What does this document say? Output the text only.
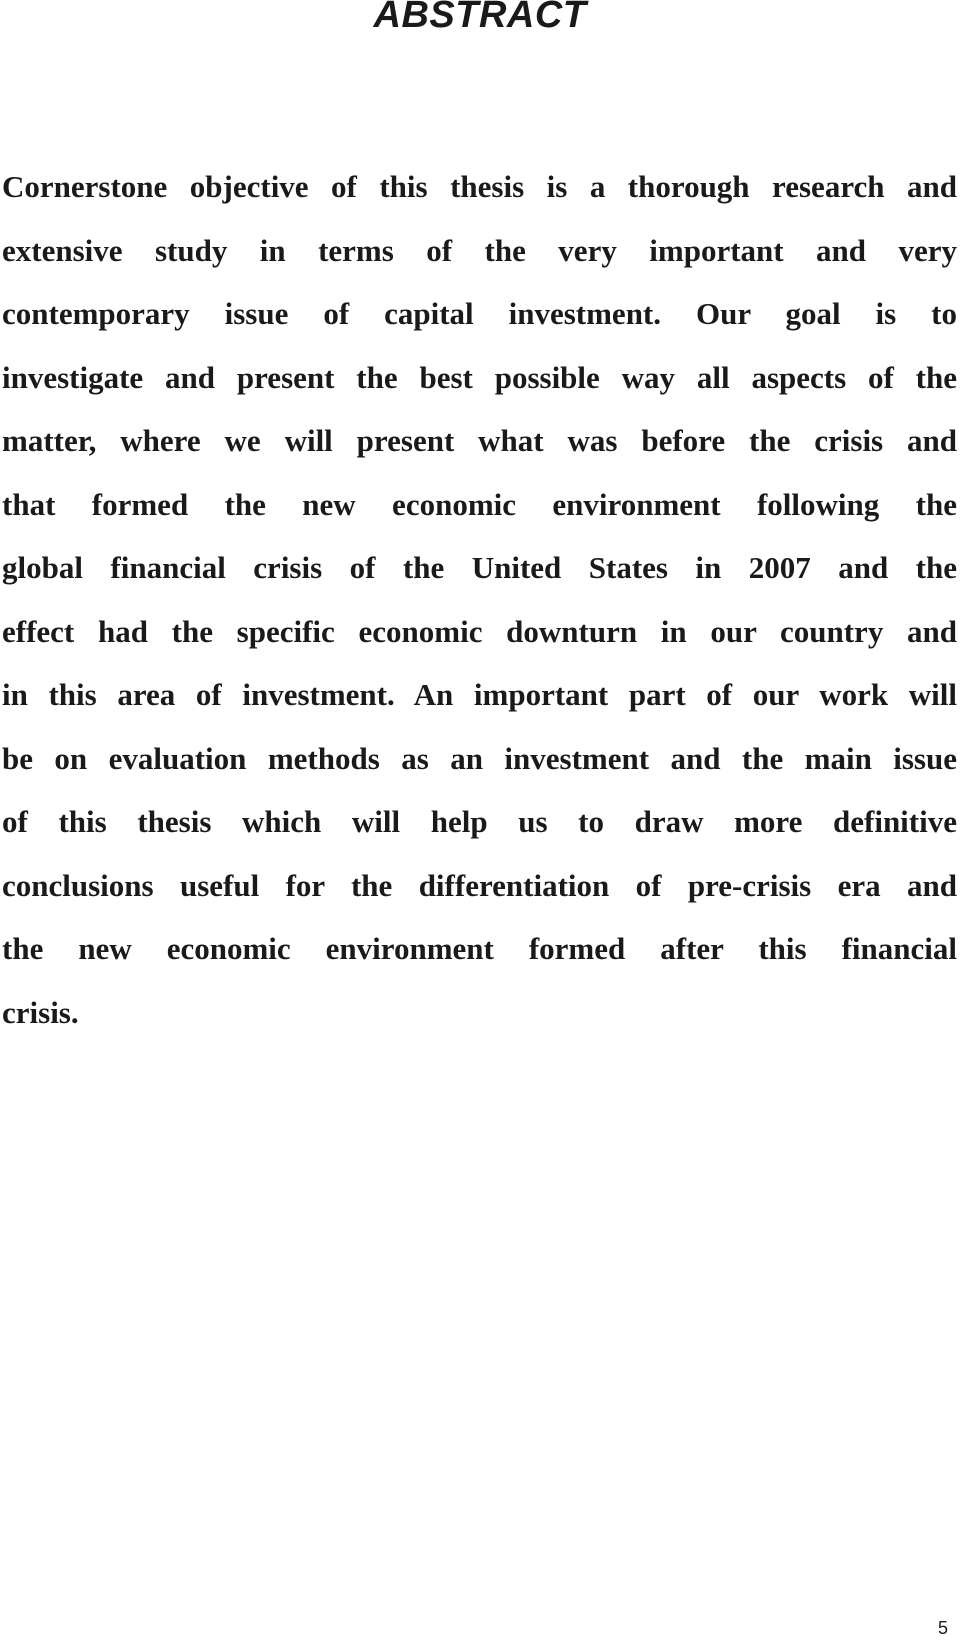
ABSTRACT
Cornerstone objective of this thesis is a thorough research and
extensive study in terms of the very important and very
contemporary issue of capital investment. Our goal is to
investigate and present the best possible way all aspects of the
matter, where we will present what was before the crisis and
that formed the new economic environment following the
global financial crisis of the United States in 2007 and the
effect had the specific economic downturn in our country and
in this area of investment. An important part of our work will
be on evaluation methods as an investment and the main issue
of this thesis which will help us to draw more definitive
conclusions useful for the differentiation of pre-crisis era and
the new economic environment formed after this financial
crisis.
5
